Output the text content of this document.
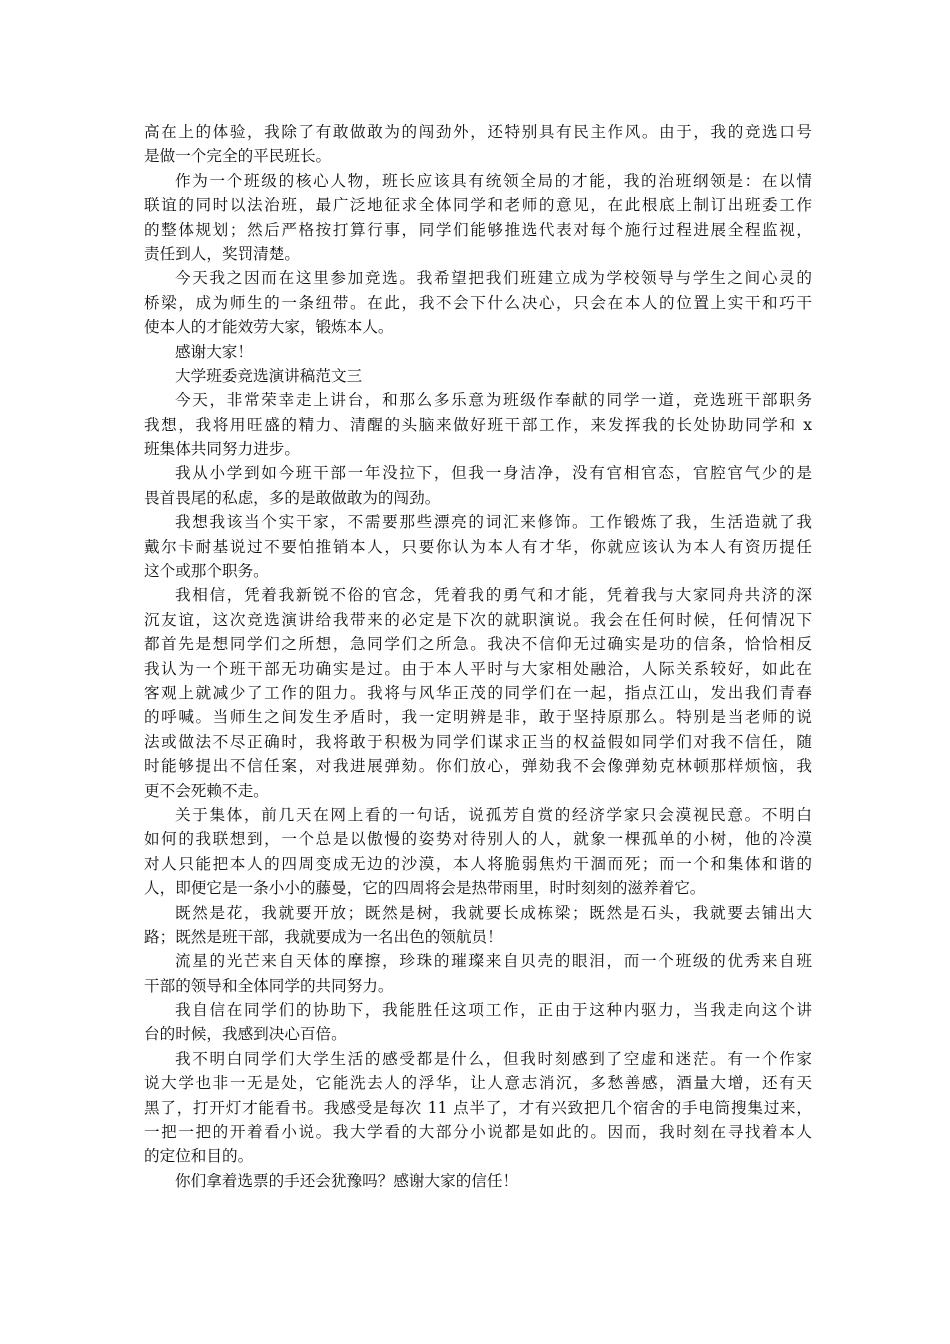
高在上的体验，我除了有敢做敢为的闯劲外，还特别具有民主作风。由于，我的竞选口号
是做一个完全的平民班长。
作为一个班级的核心人物，班长应该具有统领全局的才能，我的治班纲领是：在以情
联谊的同时以法治班，最广泛地征求全体同学和老师的意见，在此根底上制订出班委工作
的整体规划；然后严格按打算行事，同学们能够推选代表对每个施行过程进展全程监视，
责任到人，奖罚清楚。
今天我之因而在这里参加竞选。我希望把我们班建立成为学校领导与学生之间心灵的
桥梁，成为师生的一条纽带。在此，我不会下什么决心，只会在本人的位置上实干和巧干
使本人的才能效劳大家，锻炼本人。
感谢大家！
大学班委竞选演讲稿范文三
今天，非常荣幸走上讲台，和那么多乐意为班级作奉献的同学一道，竞选班干部职务
我想，我将用旺盛的精力、清醒的头脑来做好班干部工作，来发挥我的长处协助同学和 x
班集体共同努力进步。
我从小学到如今班干部一年没拉下，但我一身洁净，没有官相官态，官腔官气少的是
畏首畏尾的私虑，多的是敢做敢为的闯劲。
我想我该当个实干家，不需要那些漂亮的词汇来修饰。工作锻炼了我，生活造就了我
戴尔卡耐基说过不要怕推销本人，只要你认为本人有才华，你就应该认为本人有资历提任
这个或那个职务。
我相信，凭着我新锐不俗的官念，凭着我的勇气和才能，凭着我与大家同舟共济的深
沉友谊，这次竞选演讲给我带来的必定是下次的就职演说。我会在任何时候，任何情况下
都首先是想同学们之所想，急同学们之所急。我决不信仰无过确实是功的信条，恰恰相反
我认为一个班干部无功确实是过。由于本人平时与大家相处融洽，人际关系较好，如此在
客观上就减少了工作的阻力。我将与风华正茂的同学们在一起，指点江山，发出我们青春
的呼喊。当师生之间发生矛盾时，我一定明辨是非，敢于坚持原那么。特别是当老师的说
法或做法不尽正确时，我将敢于积极为同学们谋求正当的权益假如同学们对我不信任，随
时能够提出不信任案，对我进展弹劾。你们放心，弹劾我不会像弹劾克林顿那样烦恼，我
更不会死赖不走。
关于集体，前几天在网上看的一句话，说孤芳自赏的经济学家只会漠视民意。不明白
如何的我联想到，一个总是以傲慢的姿势对待别人的人，就象一棵孤单的小树，他的冷漠
对人只能把本人的四周变成无边的沙漠，本人将脆弱焦灼干涸而死；而一个和集体和谐的
人，即便它是一条小小的藤曼，它的四周将会是热带雨里，时时刻刻的滋养着它。
既然是花，我就要开放；既然是树，我就要长成栋梁；既然是石头，我就要去铺出大
路；既然是班干部，我就要成为一名出色的领航员！
流星的光芒来自天体的摩擦，珍珠的璀璨来自贝壳的眼泪，而一个班级的优秀来自班
干部的领导和全体同学的共同努力。
我自信在同学们的协助下，我能胜任这项工作，正由于这种内驱力，当我走向这个讲
台的时候，我感到决心百倍。
我不明白同学们大学生活的感受都是什么，但我时刻感到了空虚和迷茫。有一个作家
说大学也非一无是处，它能洗去人的浮华，让人意志消沉，多愁善感，酒量大增，还有天
黑了，打开灯才能看书。我感受是每次 11 点半了，才有兴致把几个宿舍的手电筒搜集过来，
一把一把的开着看小说。我大学看的大部分小说都是如此的。因而，我时刻在寻找着本人
的定位和目的。
你们拿着选票的手还会犹豫吗？感谢大家的信任！
